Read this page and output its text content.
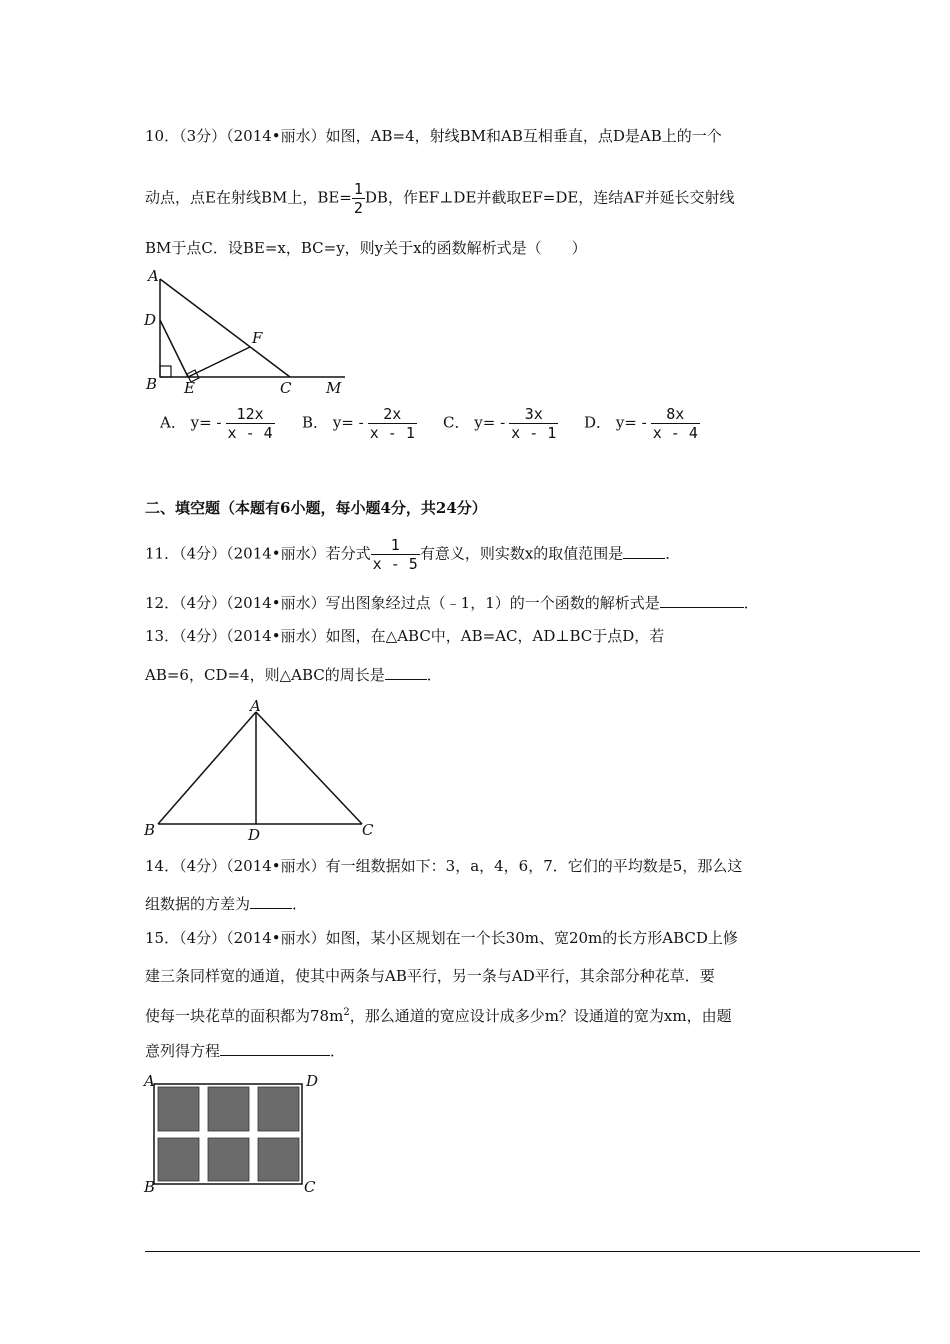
10．（3分）（2014•丽水）如图，AB=4，射线BM和AB互相垂直，点D是AB上的一个
动点，点E在射线BM上，$BE= \frac{1}{2}$ DB，作EF⊥DE并截取EF=DE，连结AF并延长交射线
BM于点C．设BE=x，BC=y，则y关于x的函数解析式是（　　）
A
D
F
B E	C M
A． $y= - \frac{12x}{x - 4}$ B． $y= - \frac{2x}{x - 1}$ C． $y= - \frac{3x}{x - 1}$ D． $y= - \frac{8x}{x - 4}$
二、填空题（本题有6小题，每小题4分，共24分）
11．（4分）（2014•丽水）若分式 $\frac{1}{x - 5}$ 有意义，则实数x的取值范围是	．
12．（4分）（2014•丽水）写出图象经过点（﹣1，1）的一个函数的解析式是	．
13．（4分）（2014•丽水）如图，在△ABC中，AB=AC，AD⊥BC于点D，若
AB=6，CD=4，则△ABC的周长是	．
A
B	D	C
14．（4分）（2014•丽水）有一组数据如下：3，a，4，6，7．它们的平均数是5，那么这
组数据的方差为	．
15．（4分）（2014•丽水）如图，某小区规划在一个长30m、宽20m的长方形ABCD上修
建三条同样宽的通道，使其中两条与AB平行，另一条与AD平行，其余部分种花草．要
使每一块花草的面积都为$78m^2$，那么通道的宽应设计成多少m？设通道的宽为xm，由题
意列得方程	．
A	D
B	C
